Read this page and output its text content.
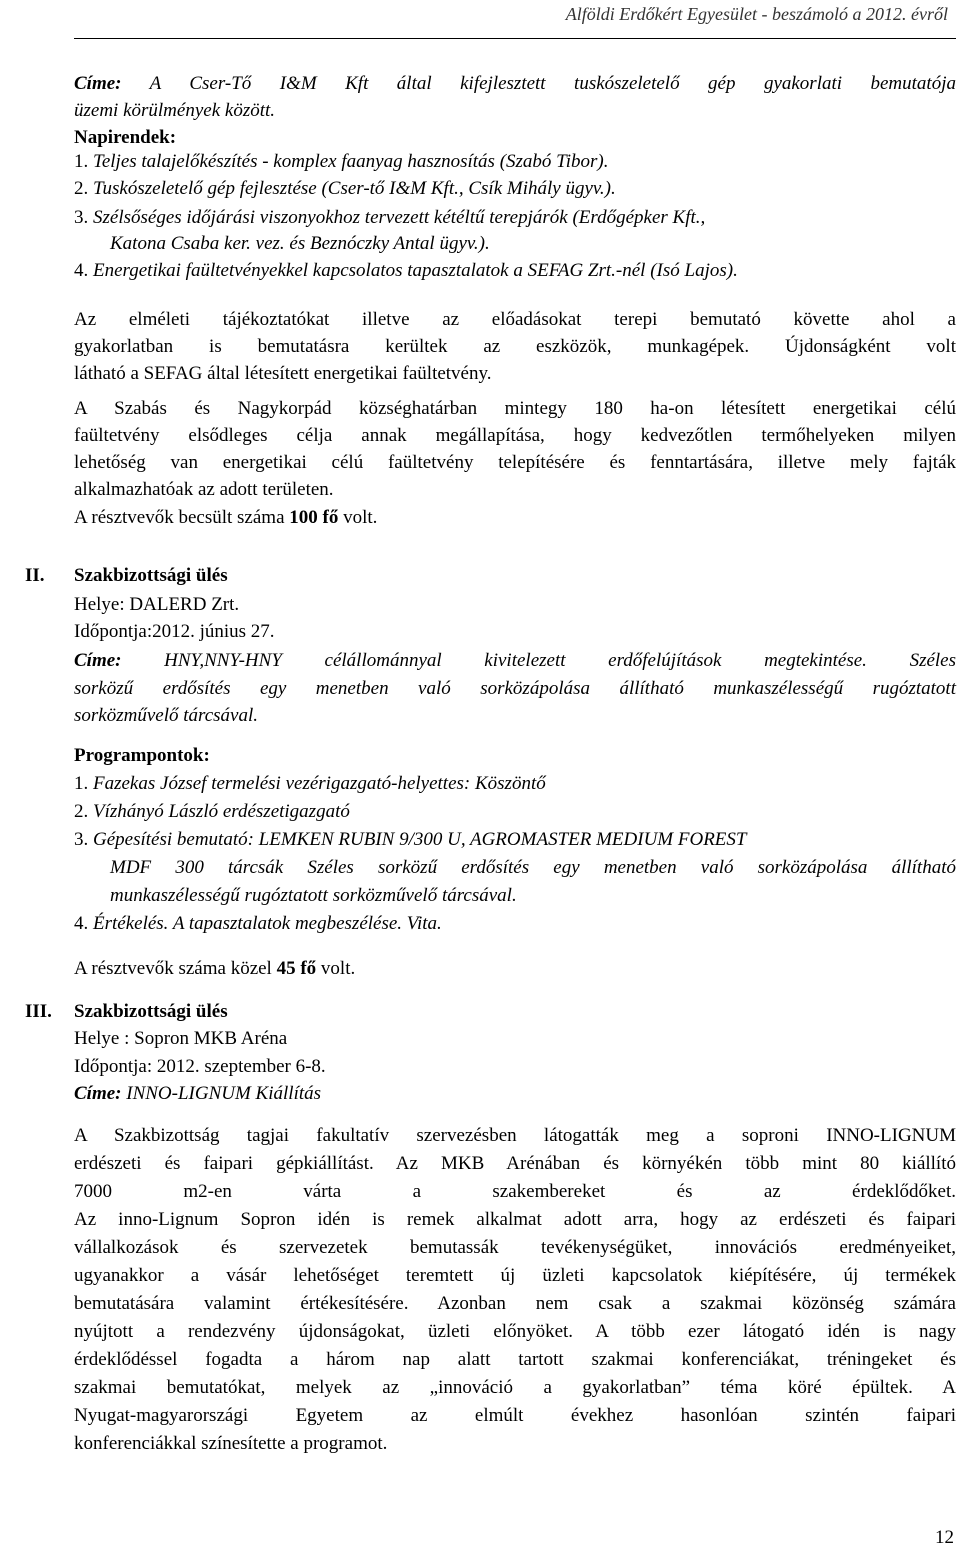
Alföldi Erdőkért Egyesület - beszámoló a 2012. évről
Címe: A Cser-Tő I&M Kft által kifejlesztett tuskószeletelő gép gyakorlati bemutatója
üzemi körülmények között.
Napirendek:
1. Teljes talajelőkészítés - komplex faanyag hasznosítás (Szabó Tibor).
2. Tuskószeletelő gép fejlesztése (Cser-tő I&M Kft., Csík Mihály ügyv.).
3. Szélsőséges időjárási viszonyokhoz tervezett kétéltű terepjárók (Erdőgépker Kft.,
Katona Csaba ker. vez. és Beznóczky Antal ügyv.).
4. Energetikai faültetvényekkel kapcsolatos tapasztalatok a SEFAG Zrt.-nél (Isó Lajos).
Az elméleti tájékoztatókat illetve az előadásokat terepi bemutató követte ahol a
gyakorlatban is bemutatásra kerültek az eszközök, munkagépek. Újdonságként volt
látható a SEFAG által létesített energetikai faültetvény.
A Szabás és Nagykorpád községhatárban mintegy 180 ha-on létesített energetikai célú
faültetvény elsődleges célja annak megállapítása, hogy kedvezőtlen termőhelyeken milyen
lehetőség van energetikai célú faültetvény telepítésére és fenntartására, illetve mely fajták
alkalmazhatóak az adott területen.
A résztvevők becsült száma 100 fő volt.
II. Szakbizottsági ülés
Helye: DALERD Zrt.
Időpontja:2012. június 27.
Címe: HNY,NNY-HNY célállománnyal kivitelezett erdőfelújítások megtekintése. Széles
sorközű erdősítés egy menetben való sorközápolása állítható munkaszélességű rugóztatott
sorközművelő tárcsával.
Programpontok:
1. Fazekas József termelési vezérigazgató-helyettes: Köszöntő
2. Vízhányó László erdészetigazgató
3. Gépesítési bemutató: LEMKEN RUBIN 9/300 U, AGROMASTER MEDIUM FOREST
MDF 300 tárcsák Széles sorközű erdősítés egy menetben való sorközápolása állítható
munkaszélességű rugóztatott sorközművelő tárcsával.
4. Értékelés. A tapasztalatok megbeszélése. Vita.
A résztvevők száma közel 45 fő volt.
III. Szakbizottsági ülés
Helye : Sopron MKB Aréna
Időpontja: 2012. szeptember 6-8.
Címe: INNO-LIGNUM Kiállítás
A Szakbizottság tagjai fakultatív szervezésben látogatták meg a soproni INNO-LIGNUM
erdészeti és faipari gépkiállítást. Az MKB Arénában és környékén több mint 80 kiállító
7000 m2-en várta a szakembereket és az érdeklődőket.
Az inno-Lignum Sopron idén is remek alkalmat adott arra, hogy az erdészeti és faipari
vállalkozások és szervezetek bemutassák tevékenységüket, innovációs eredményeiket,
ugyanakkor a vásár lehetőséget teremtett új üzleti kapcsolatok kiépítésére, új termékek
bemutatására valamint értékesítésére. Azonban nem csak a szakmai közönség számára
nyújtott a rendezvény újdonságokat, üzleti előnyöket. A több ezer látogató idén is nagy
érdeklődéssel fogadta a három nap alatt tartott szakmai konferenciákat, tréningeket és
szakmai bemutatókat, melyek az „innováció a gyakorlatban” téma köré épültek. A
Nyugat-magyarországi Egyetem az elmúlt évekhez hasonlóan szintén faipari
konferenciákkal színesítette a programot.
12
